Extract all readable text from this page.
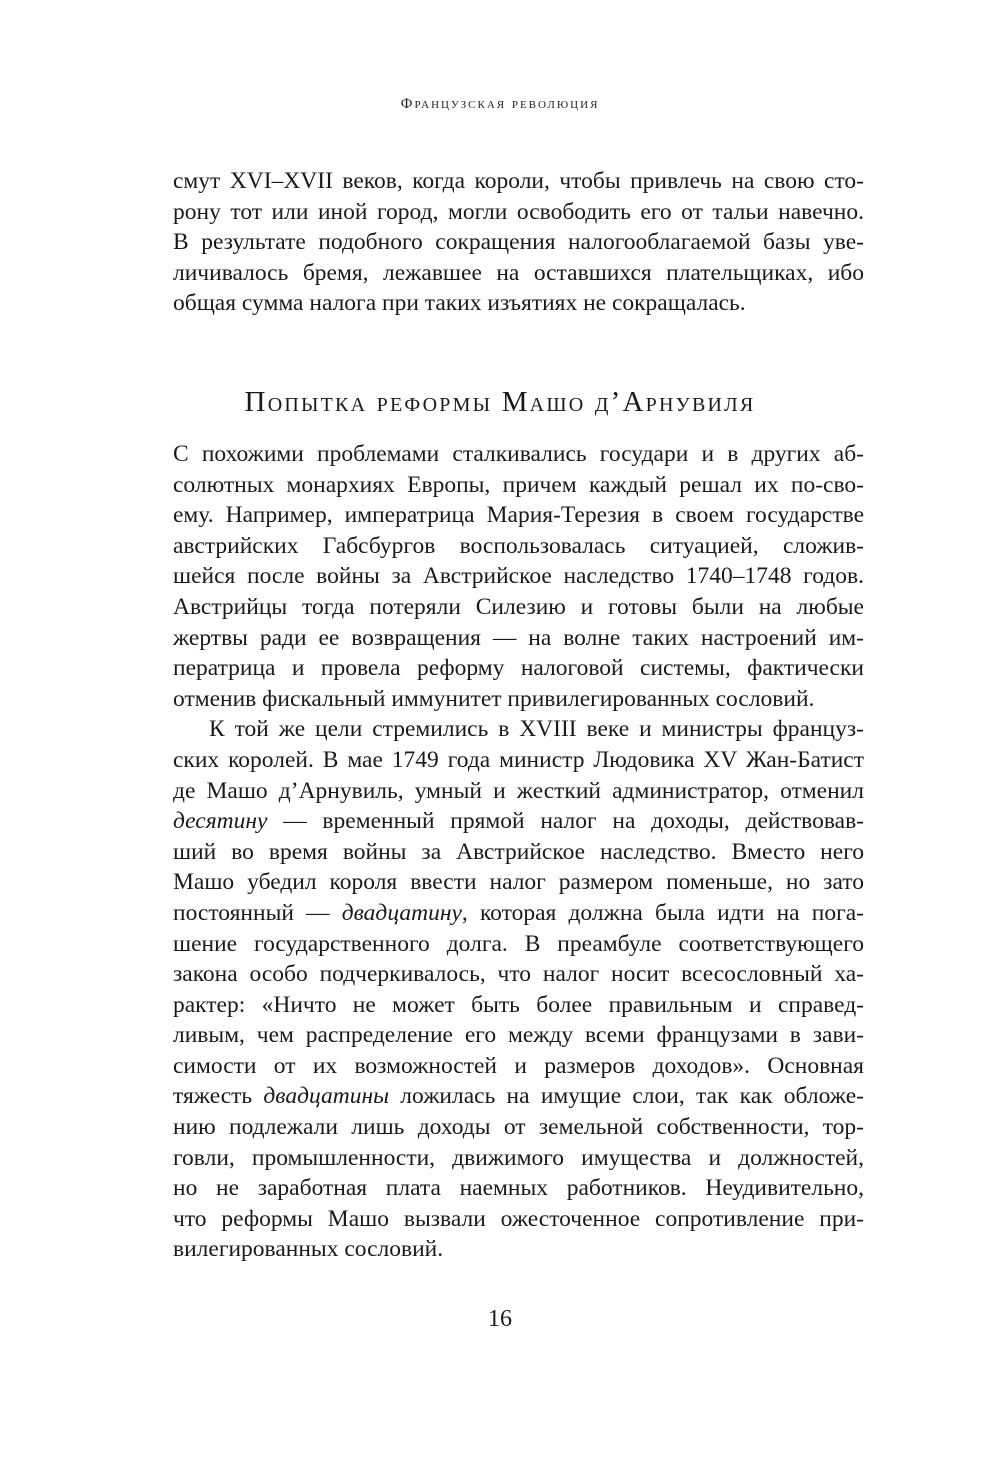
Французская революция
смут XVI–XVII веков, когда короли, чтобы привлечь на свою сто-
рону тот или иной город, могли освободить его от тальи навечно.
В результате подобного сокращения налогооблагаемой базы уве-
личивалось бремя, лежавшее на оставшихся плательщиках, ибо
общая сумма налога при таких изъятиях не сокращалась.
Попытка реформы Машо д’Арнувиля
С похожими проблемами сталкивались государи и в других аб-
солютных монархиях Европы, причем каждый решал их по-сво-
ему. Например, императрица Мария-Терезия в своем государстве
австрийских Габсбургов воспользовалась ситуацией, сложив-
шейся после войны за Австрийское наследство 1740–1748 годов.
Австрийцы тогда потеряли Силезию и готовы были на любые
жертвы ради ее возвращения — на волне таких настроений им-
ператрица и провела реформу налоговой системы, фактически
отменив фискальный иммунитет привилегированных сословий.
К той же цели стремились в XVIII веке и министры француз-
ских королей. В мае 1749 года министр Людовика XV Жан-Батист
де Машо д’Арнувиль, умный и жесткий администратор, отменил
десятину — временный прямой налог на доходы, действовав-
ший во время войны за Австрийское наследство. Вместо него
Машо убедил короля ввести налог размером поменьше, но зато
постоянный — двадцатину, которая должна была идти на пога-
шение государственного долга. В преамбуле соответствующего
закона особо подчеркивалось, что налог носит всесословный ха-
рактер: «Ничто не может быть более правильным и справед-
ливым, чем распределение его между всеми французами в зави-
симости от их возможностей и размеров доходов». Основная
тяжесть двадцатины ложилась на имущие слои, так как обложе-
нию подлежали лишь доходы от земельной собственности, тор-
говли, промышленности, движимого имущества и должностей,
но не заработная плата наемных работников. Неудивительно,
что реформы Машо вызвали ожесточенное сопротивление при-
вилегированных сословий.
16
